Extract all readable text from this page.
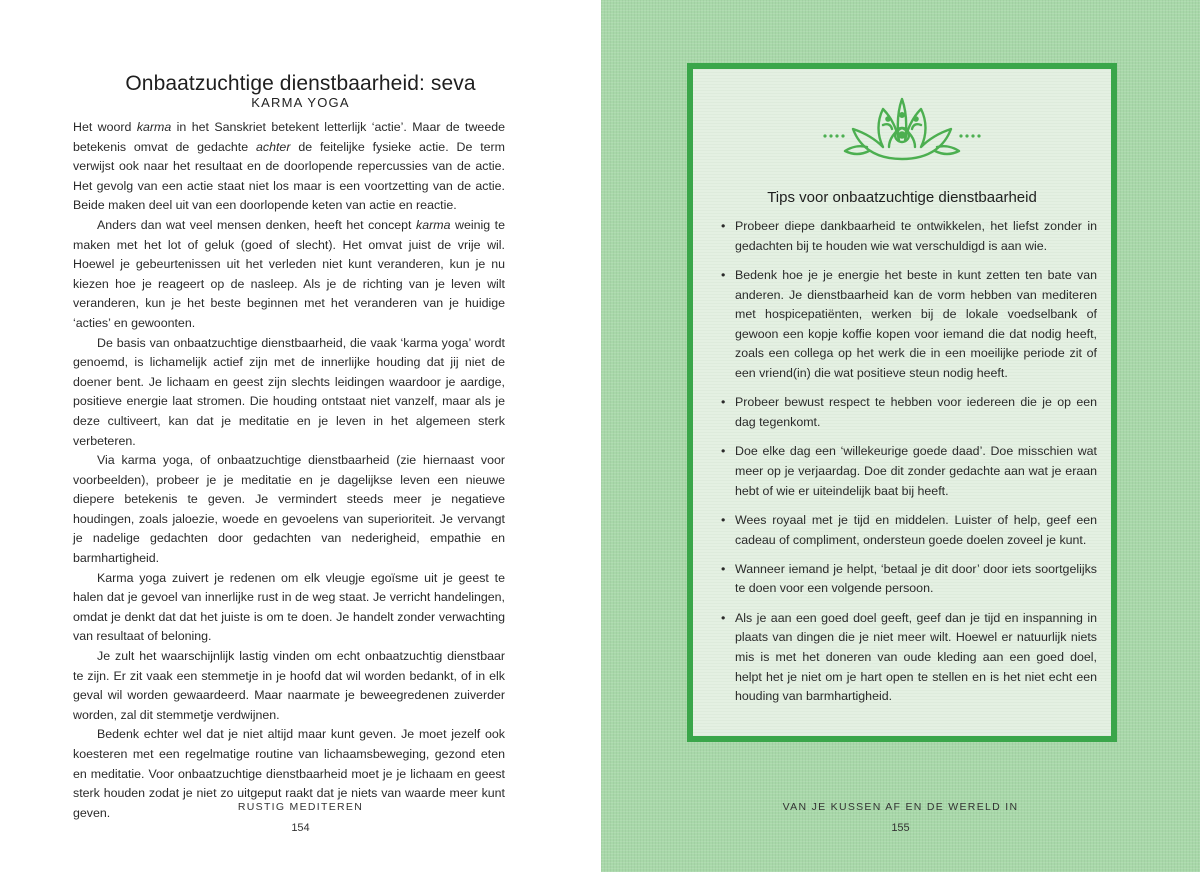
Onbaatzuchtige dienstbaarheid: seva
KARMA YOGA

Het woord karma in het Sanskriet betekent letterlijk ‘actie’. Maar de tweede betekenis omvat de gedachte achter de feitelijke fysieke actie. De term verwijst ook naar het resultaat en de doorlopende repercussies van de actie. Het gevolg van een actie staat niet los maar is een voortzetting van de actie. Beide maken deel uit van een doorlopende keten van actie en reactie.

Anders dan wat veel mensen denken, heeft het concept karma weinig te maken met het lot of geluk (goed of slecht). Het omvat juist de vrije wil. Hoewel je gebeurtenissen uit het verleden niet kunt veranderen, kun je nu kiezen hoe je reageert op de nasleep. Als je de richting van je leven wilt veranderen, kun je het beste beginnen met het veranderen van je huidige ‘acties’ en gewoonten.

De basis van onbaatzuchtige dienstbaarheid, die vaak ‘karma yoga’ wordt genoemd, is lichamelijk actief zijn met de innerlijke houding dat jij niet de doener bent. Je lichaam en geest zijn slechts leidingen waardoor je aardige, positieve energie laat stromen. Die houding ontstaat niet vanzelf, maar als je deze cultiveert, kan dat je meditatie en je leven in het algemeen sterk verbeteren.

Via karma yoga, of onbaatzuchtige dienstbaarheid (zie hiernaast voor voorbeelden), probeer je je meditatie en je dagelijkse leven een nieuwe diepere betekenis te geven. Je vermindert steeds meer je negatieve houdingen, zoals jaloezie, woede en gevoelens van superioriteit. Je vervangt je nadelige gedachten door gedachten van nederigheid, empathie en barmhartigheid.

Karma yoga zuivert je redenen om elk vleugje egoïsme uit je geest te halen dat je gevoel van innerlijke rust in de weg staat. Je verricht handelingen, omdat je denkt dat dat het juiste is om te doen. Je handelt zonder verwachting van resultaat of beloning.

Je zult het waarschijnlijk lastig vinden om echt onbaatzuchtig dienstbaar te zijn. Er zit vaak een stemmetje in je hoofd dat wil worden bedankt, of in elk geval wil worden gewaardeerd. Maar naarmate je beweegredenen zuiverder worden, zal dit stemmetje verdwijnen.

Bedenk echter wel dat je niet altijd maar kunt geven. Je moet jezelf ook koesteren met een regelmatige routine van lichaamsbeweging, gezond eten en meditatie. Voor onbaatzuchtige dienstbaarheid moet je je lichaam en geest sterk houden zodat je niet zo uitgeput raakt dat je niets van waarde meer kunt geven.	RUSTIG MEDITEREN
154
Tips voor onbaatzuchtige dienstbaarheid
• Probeer diepe dankbaarheid te ontwikkelen, het liefst zonder in gedachten bij te houden wie wat verschuldigd is aan wie.
• Bedenk hoe je je energie het beste in kunt zetten ten bate van anderen. Je dienstbaarheid kan de vorm hebben van mediteren met hospicepatiënten, werken bij de lokale voedselbank of gewoon een kopje koffie kopen voor iemand die dat nodig heeft, zoals een collega op het werk die in een moeilijke periode zit of een vriend(in) die wat positieve steun nodig heeft.
• Probeer bewust respect te hebben voor iedereen die je op een dag tegenkomt.
• Doe elke dag een ‘willekeurige goede daad’. Doe misschien wat meer op je verjaardag. Doe dit zonder gedachte aan wat je eraan hebt of wie er uiteindelijk baat bij heeft.
• Wees royaal met je tijd en middelen. Luister of help, geef een cadeau of compliment, ondersteun goede doelen zoveel je kunt.
• Wanneer iemand je helpt, ‘betaal je dit door’ door iets soortgelijks te doen voor een volgende persoon.
• Als je aan een goed doel geeft, geef dan je tijd en inspanning in plaats van dingen die je niet meer wilt. Hoewel er natuurlijk niets mis is met het doneren van oude kleding aan een goed doel, helpt het je niet om je hart open te stellen en is het niet echt een houding van barmhartigheid.
VAN JE KUSSEN AF EN DE WERELD IN
155
